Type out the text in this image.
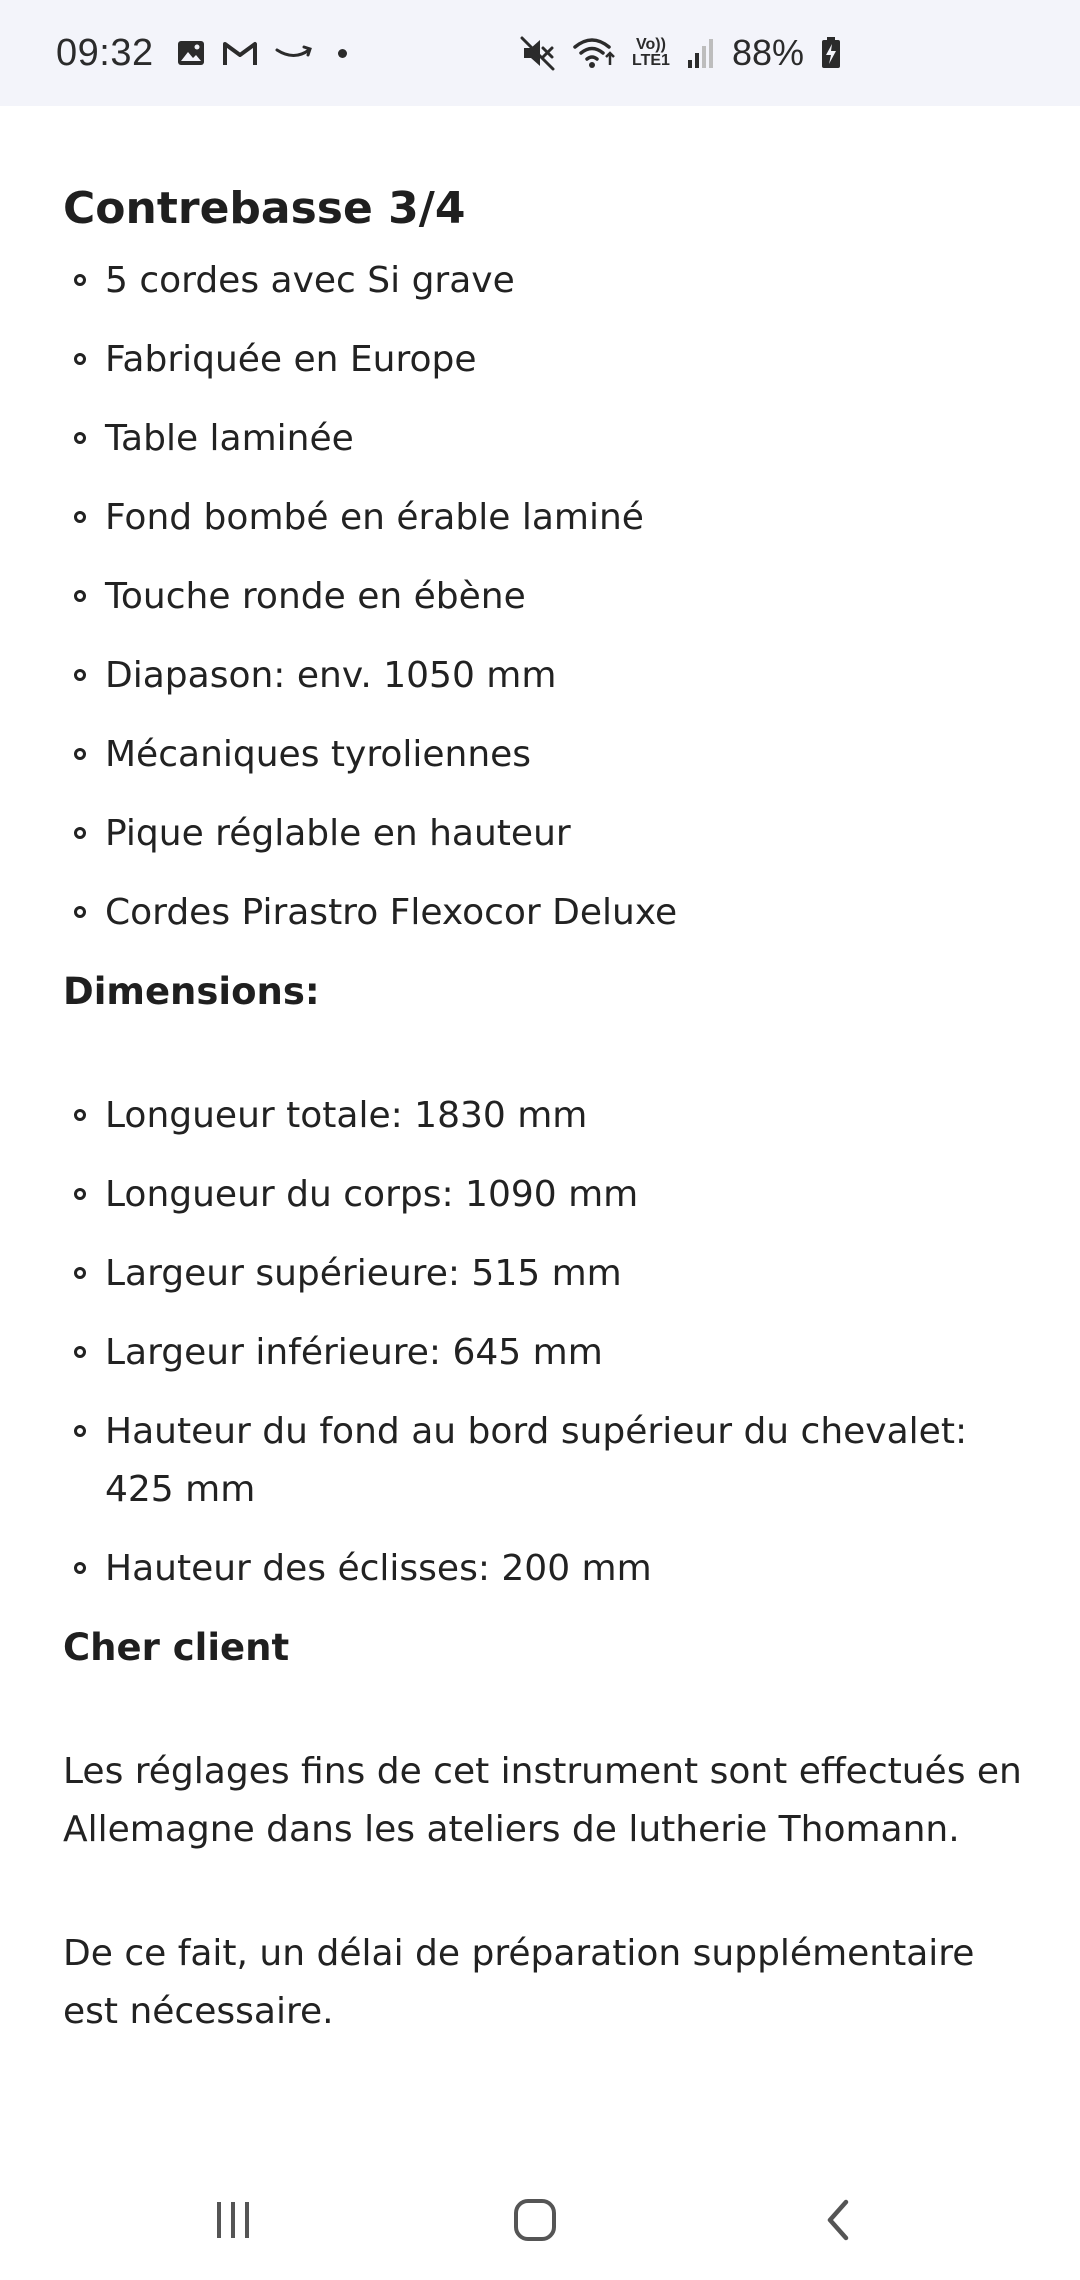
09:32	Vo))
LTE1 88%
Contrebasse 3/4
5 cordes avec Si grave
Fabriquée en Europe
Table laminée
Fond bombé en érable laminé
Touche ronde en ébène
Diapason: env. 1050 mm
Mécaniques tyroliennes
Pique réglable en hauteur
Cordes Pirastro Flexocor Deluxe
Dimensions:
Longueur totale: 1830 mm
Longueur du corps: 1090 mm
Largeur supérieure: 515 mm
Largeur inférieure: 645 mm
Hauteur du fond au bord supérieur du chevalet: 425 mm
Hauteur des éclisses: 200 mm
Cher client

Les réglages fins de cet instrument sont effectués en Allemagne dans les ateliers de lutherie Thomann.

De ce fait, un délai de préparation supplémentaire est nécessaire.
